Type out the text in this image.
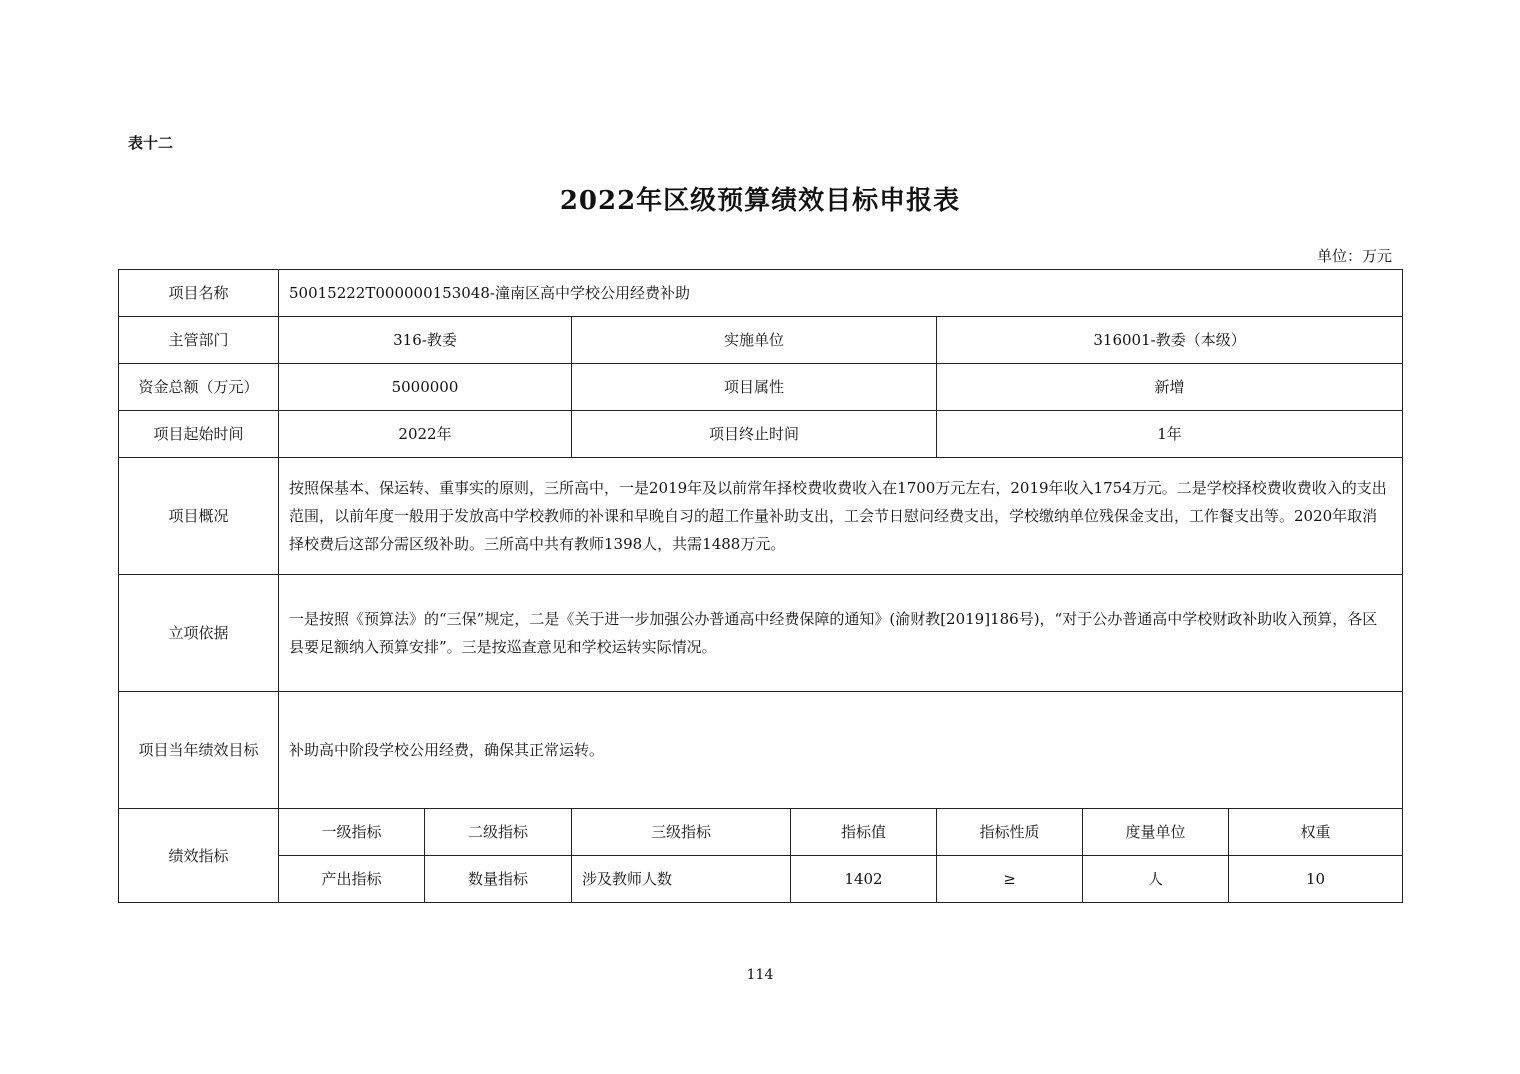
表十二
2022年区级预算绩效目标申报表
单位：万元
项目名称	50015222T000000153048-潼南区高中学校公用经费补助						
主管部门	316-教委		实施单位		316001-教委（本级）		
资金总额（万元）	5000000		项目属性		新增		
项目起始时间	2022年		项目终止时间		1年		
项目概况	按照保基本、保运转、重事实的原则，三所高中，一是2019年及以前常年择校费收费收入在1700万元左右，2019年收入1754万元。二是学校择校费收费收入的支出范围，以前年度一般用于发放高中学校教师的补课和早晚自习的超工作量补助支出，工会节日慰问经费支出，学校缴纳单位残保金支出，工作餐支出等。2020年取消择校费后这部分需区级补助。三所高中共有教师1398人，共需1488万元。						
立项依据	一是按照《预算法》的“三保”规定，二是《关于进一步加强公办普通高中经费保障的通知》(渝财教[2019]186号)，“对于公办普通高中学校财政补助收入预算，各区县要足额纳入预算安排”。三是按巡查意见和学校运转实际情况。						
项目当年绩效目标	补助高中阶段学校公用经费，确保其正常运转。						
绩效指标	一级指标	二级指标	三级指标	指标值	指标性质	度量单位	权重
	产出指标	数量指标	涉及教师人数	1402	≥	人	10
114
